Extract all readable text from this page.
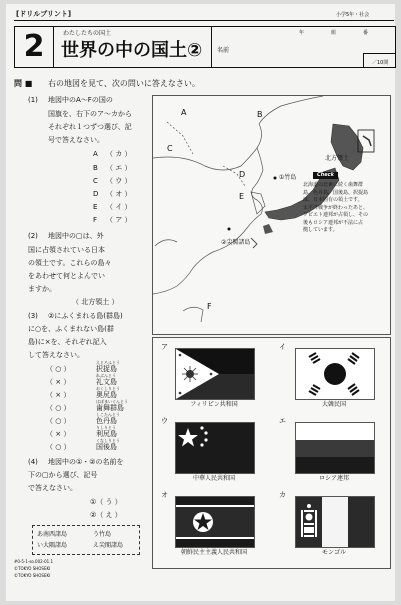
[ドリルプリント]	小学5年・社会
2	わたしたちの国土
世界の中の国土②
年	組	番
名前
／10問
問 ■ 右の地図を見て、次の問いに答えなさい。
(1) 地図中のA～Fの国の
国旗を、右下のア～カから
それぞれ１つずつ選び、記
号で答えなさい。
A （ カ ）
B （ エ ）
C （ ウ ）
D （ オ ）
E （ イ ）
F （ ア ）
(2) 地図中の▢は、外
国に占領されている日本
の領土です。これらの島々
をあわせて何とよんでい
ますか。
（ 北方領土 ）
(3) ②にふくまれる島(群島)
に○を、ふくまれない島(群
島)に×を、それぞれ記入
して答えなさい。
（ ○ ）
えとろふとう
択捉島
（ × ）
れぶんとう
礼文島
（ × ）
おくしりとう
奥尻島
（ ○ ）
はぼまいぐんとう
歯舞群島
（ ○ ）
しこたんとう
色丹島
（ × ）
りしりとう
利尻島
（ ○ ）
くなしりとう
国後島
(4) 地図中の①・②の名前を
下の▢から選び、記号
で答えなさい。
①（ う ）
②（ え ）
あ南西諸島	う竹島
い大隅諸島	え尖閣諸島
A	B
C
D
E
F
北方領土
①竹島
②尖閣諸島
Check
北海道の北東に続く歯舞群
島、色丹島、国後島、択捉島
は、日本固有の領土です。
太平洋戦争が終わったあと、
ソビエト連邦が占領し、その
後もロシア連邦が不法に占
拠しています。
ア
フィリピン共和国
イ
大韓民国
ウ
中華人民共和国
エ
ロシア連邦
オ
朝鮮民主主義人民共和国
カ
モンゴル
#0-5-1-so.002-01.1
©TOKYO SHOSEKI
©TOKYO SHOSEKI
